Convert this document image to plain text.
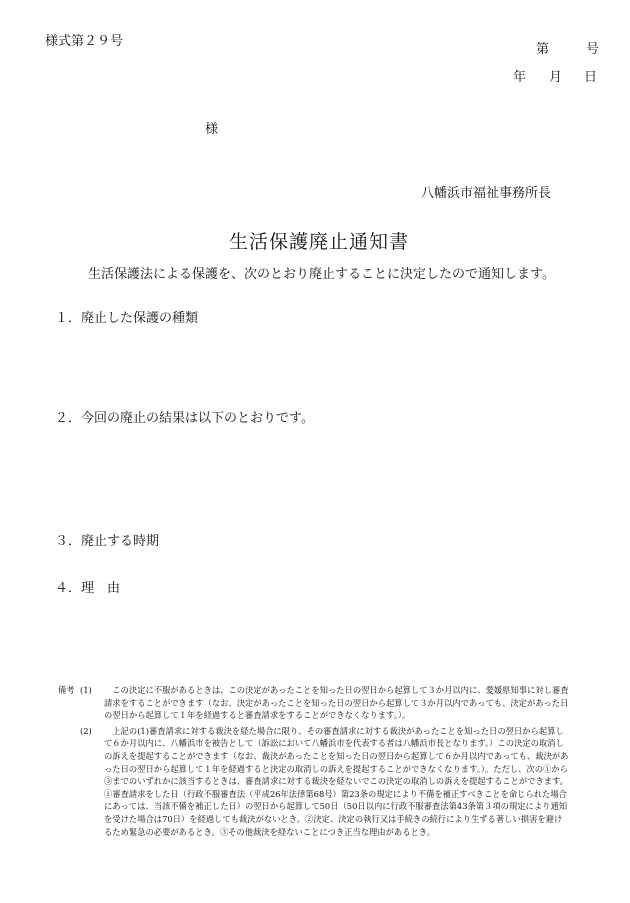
様式第２９号
第	号
年 月 日
様
八幡浜市福祉事務所長
生活保護廃止通知書
生活保護法による保護を、次のとおり廃止することに決定したので通知します。
１．廃止した保護の種類
２．今回の廃止の結果は以下のとおりです。
３．廃止する時期
４．理　由
備考 (1)	この決定に不服があるときは、この決定があったことを知った日の翌日から起算して３か月以内に、愛媛県知事に対し審査請求をすることができます（なお、決定があったことを知った日の翌日から起算して３か月以内であっても、決定があった日の翌日から起算して１年を経過すると審査請求をすることができなくなります。）。
(2)	上記の(1)審査請求に対する裁決を経た場合に限り、その審査請求に対する裁決があったことを知った日の翌日から起算して６か月以内に、八幡浜市を被告として（訴訟において八幡浜市を代表する者は八幡浜市長となります。）この決定の取消しの訴えを提起することができます（なお、裁決があったことを知った日の翌日から起算して６か月以内であっても、裁決があった日の翌日から起算して１年を経過すると決定の取消しの訴えを提起することができなくなります。）。ただし、次の①から③までのいずれかに該当するときは、審査請求に対する裁決を経ないでこの決定の取消しの訴えを提起することができます。①審査請求をした日（行政不服審査法（平成26年法律第68号）第23条の規定により不備を補正すべきことを命じられた場合にあっては、当該不備を補正した日）の翌日から起算して50日（50日以内に行政不服審査法第43条第３項の規定により通知を受けた場合は70日）を経過しても裁決がないとき。②決定、決定の執行又は手続きの続行により生ずる著しい損害を避けるため緊急の必要があるとき。③その他裁決を経ないことにつき正当な理由があるとき。
